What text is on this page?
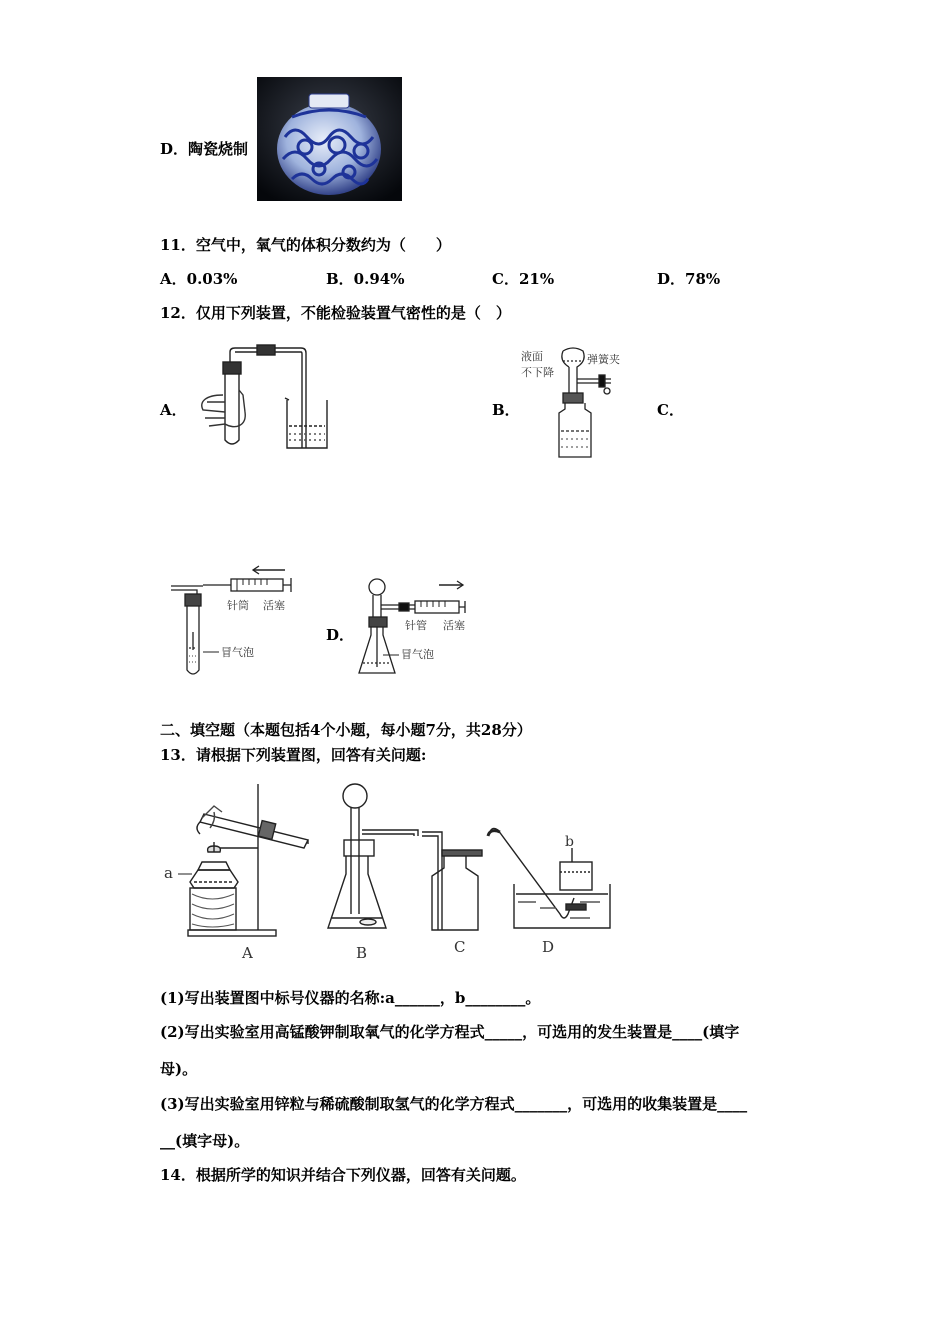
D．陶瓷烧制
11．空气中，氧气的体积分数约为（　　）
A．0.03%	B．0.94%	C．21%	D．78%
12．仅用下列装置，不能检验装置气密性的是（　）
A．	B．
液面
不下降
弹簧夹
C．
针筒 活塞
冒气泡
D．
针管 活塞
冒气泡
二、填空题（本题包括4个小题，每小题7分，共28分）
13．请根据下列装置图，回答有关问题:
a
A	B	C
b
D
(1)写出装置图中标号仪器的名称:a______，b________。
(2)写出实验室用高锰酸钾制取氧气的化学方程式_____，可选用的发生装置是____(填字
母)。
(3)写出实验室用锌粒与稀硫酸制取氢气的化学方程式_______，可选用的收集装置是____
__(填字母)。
14．根据所学的知识并结合下列仪器，回答有关问题。
